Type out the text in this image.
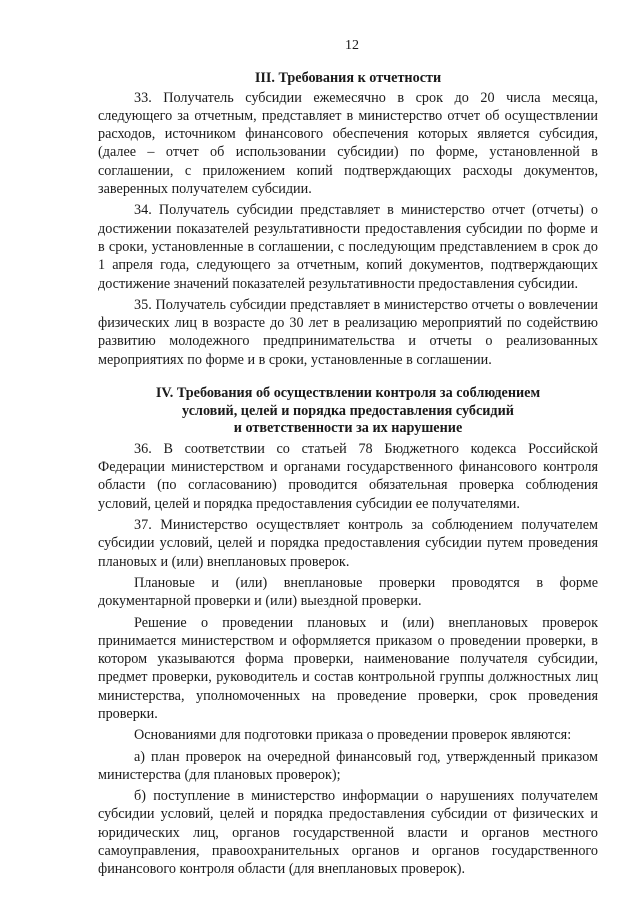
12
III. Требования к отчетности

33. Получатель субсидии ежемесячно в срок до 20 числа месяца, следующего за отчетным, представляет в министерство отчет об осуществлении расходов, источником финансового обеспечения которых является субсидия, (далее – отчет об использовании субсидии) по форме, установленной в соглашении, с приложением копий подтверждающих расходы документов, заверенных получателем субсидии.

34. Получатель субсидии представляет в министерство отчет (отчеты) о достижении показателей результативности предоставления субсидии по форме и в сроки, установленные в соглашении, с последующим представлением в срок до 1 апреля года, следующего за отчетным, копий документов, подтверждающих достижение значений показателей результативности предоставления субсидии.

35. Получатель субсидии представляет в министерство отчеты о вовлечении физических лиц в возрасте до 30 лет в реализацию мероприятий по содействию развитию молодежного предпринимательства и отчеты о реализованных мероприятиях по форме и в сроки, установленные в соглашении.

IV. Требования об осуществлении контроля за соблюдением
условий, целей и порядка предоставления субсидий
и ответственности за их нарушение

36. В соответствии со статьей 78 Бюджетного кодекса Российской Федерации министерством и органами государственного финансового контроля области (по согласованию) проводится обязательная проверка соблюдения условий, целей и порядка предоставления субсидии ее получателями.

37. Министерство осуществляет контроль за соблюдением получателем субсидии условий, целей и порядка предоставления субсидии путем проведения плановых и (или) внеплановых проверок.

Плановые и (или) внеплановые проверки проводятся в форме документарной проверки и (или) выездной проверки.

Решение о проведении плановых и (или) внеплановых проверок принимается министерством и оформляется приказом о проведении проверки, в котором указываются форма проверки, наименование получателя субсидии, предмет проверки, руководитель и состав контрольной группы должностных лиц министерства, уполномоченных на проведение проверки, срок проведения проверки.

Основаниями для подготовки приказа о проведении проверок являются:

а) план проверок на очередной финансовый год, утвержденный приказом министерства (для плановых проверок);

б) поступление в министерство информации о нарушениях получателем субсидии условий, целей и порядка предоставления субсидии от физических и юридических лиц, органов государственной власти и органов местного самоуправления, правоохранительных органов и органов государственного финансового контроля области (для внеплановых проверок).
